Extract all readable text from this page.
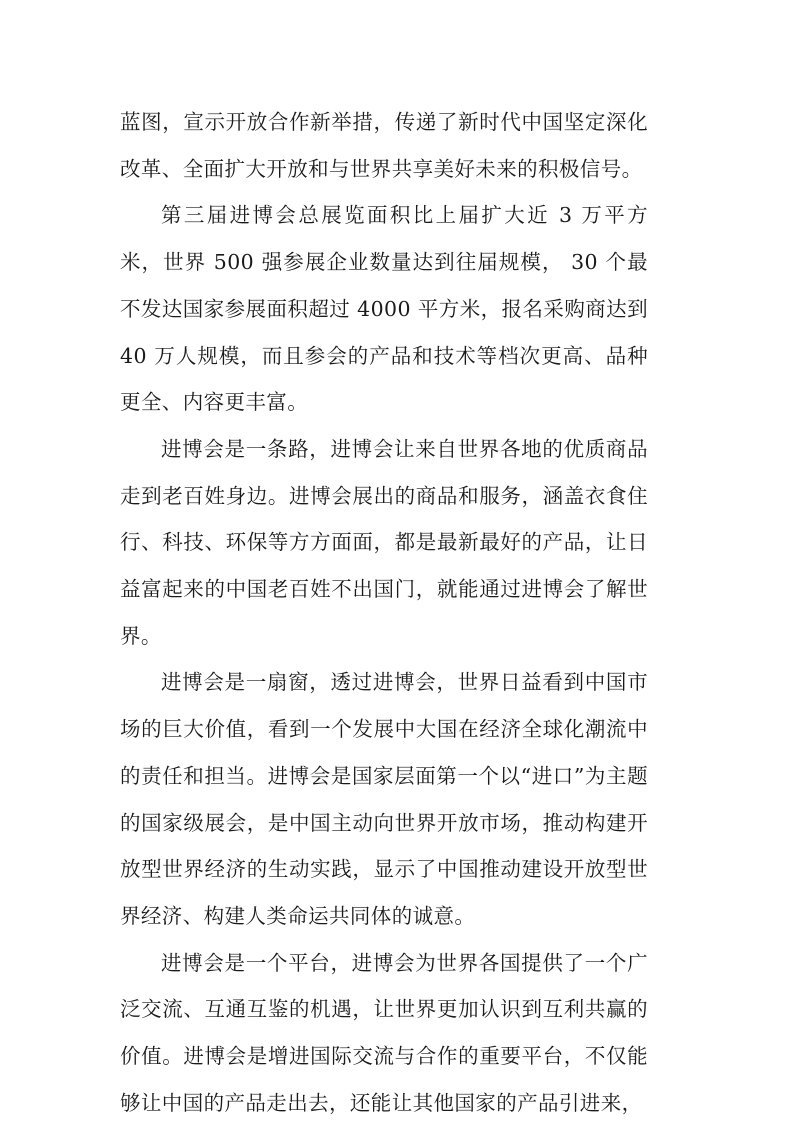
蓝图，宣示开放合作新举措，传递了新时代中国坚定深化改革、全面扩大开放和与世界共享美好未来的积极信号。

第三届进博会总展览面积比上届扩大近 3 万平方米，世界 500 强参展企业数量达到往届规模， 30 个最不发达国家参展面积超过 4000 平方米，报名采购商达到 40 万人规模，而且参会的产品和技术等档次更高、品种更全、内容更丰富。

进博会是一条路，进博会让来自世界各地的优质商品走到老百姓身边。进博会展出的商品和服务，涵盖衣食住行、科技、环保等方方面面，都是最新最好的产品，让日益富起来的中国老百姓不出国门，就能通过进博会了解世界。

进博会是一扇窗，透过进博会，世界日益看到中国市场的巨大价值，看到一个发展中大国在经济全球化潮流中的责任和担当。进博会是国家层面第一个以“进口”为主题的国家级展会，是中国主动向世界开放市场，推动构建开放型世界经济的生动实践，显示了中国推动建设开放型世界经济、构建人类命运共同体的诚意。

进博会是一个平台，进博会为世界各国提供了一个广泛交流、互通互鉴的机遇，让世界更加认识到互利共赢的价值。进博会是增进国际交流与合作的重要平台，不仅能够让中国的产品走出去，还能让其他国家的产品引进来，
